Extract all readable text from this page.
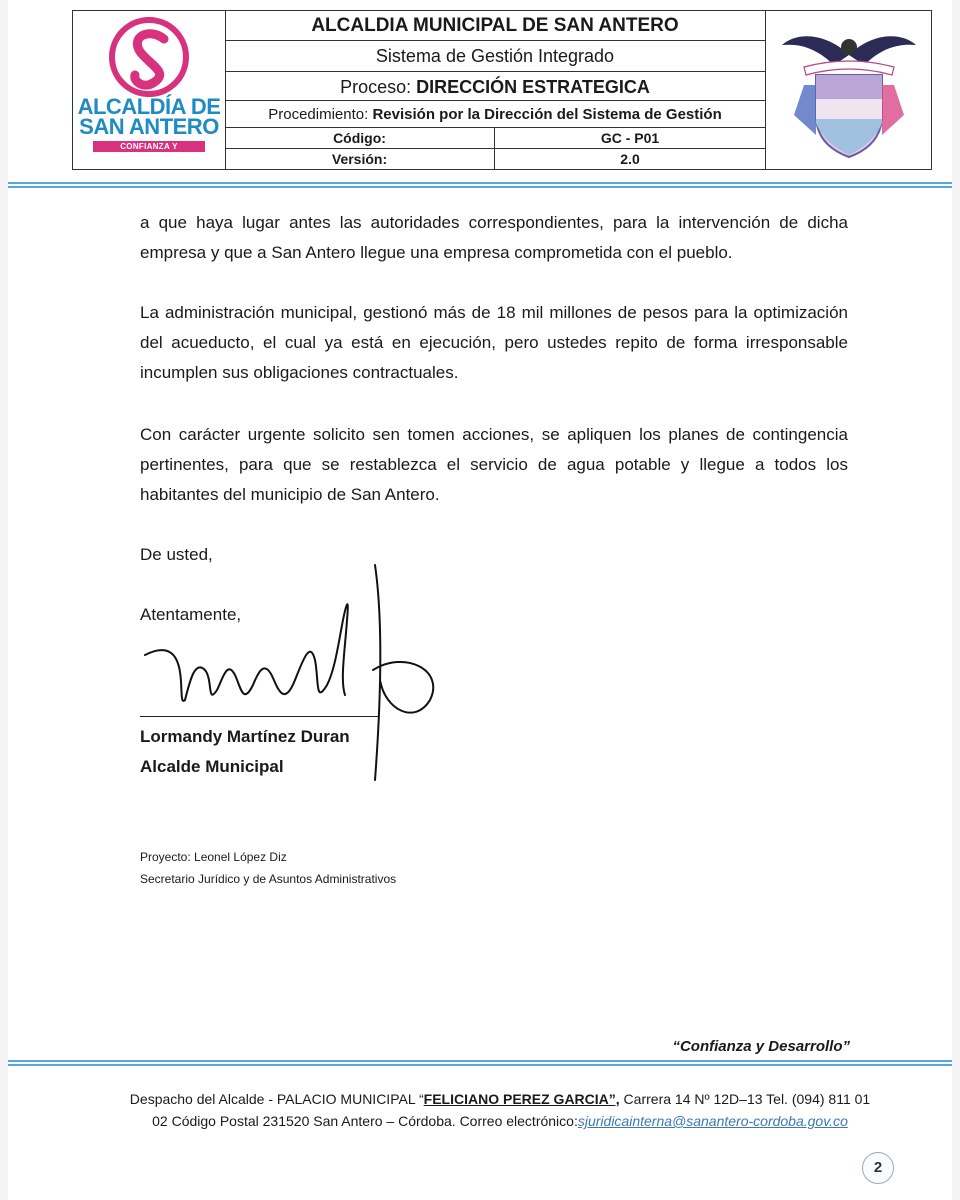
ALCALDÍA DE
SAN ANTERO
CONFIANZA Y DESARROLLO
ALCALDIA MUNICIPAL DE SAN ANTERO
Sistema de Gestión Integrado
Proceso: DIRECCIÓN ESTRATEGICA
Procedimiento: Revisión por la Dirección del Sistema de Gestión
Código:	GC - P01
Versión:	2.0
a que haya lugar antes las autoridades correspondientes, para la intervención de dicha empresa y que a San Antero llegue una empresa comprometida con el pueblo.
La administración municipal, gestionó más de 18 mil millones de pesos para la optimización del acueducto, el cual ya está en ejecución, pero ustedes repito de forma irresponsable incumplen sus obligaciones contractuales.
Con carácter urgente solicito sen tomen acciones, se apliquen los planes de contingencia pertinentes, para que se restablezca el servicio de agua potable y llegue a todos los habitantes del municipio de San Antero.
De usted,
Atentamente,
Lormandy Martínez Duran
Alcalde Municipal
Proyecto: Leonel López Diz
Secretario Jurídico y de Asuntos Administrativos
“Confianza y Desarrollo”
Despacho del Alcalde - PALACIO MUNICIPAL “FELICIANO PEREZ GARCIA”, Carrera 14 Nº 12D–13 Tel. (094) 811 01
02 Código Postal 231520 San Antero – Córdoba. Correo electrónico:sjuridicainterna@sanantero-cordoba.gov.co
2
